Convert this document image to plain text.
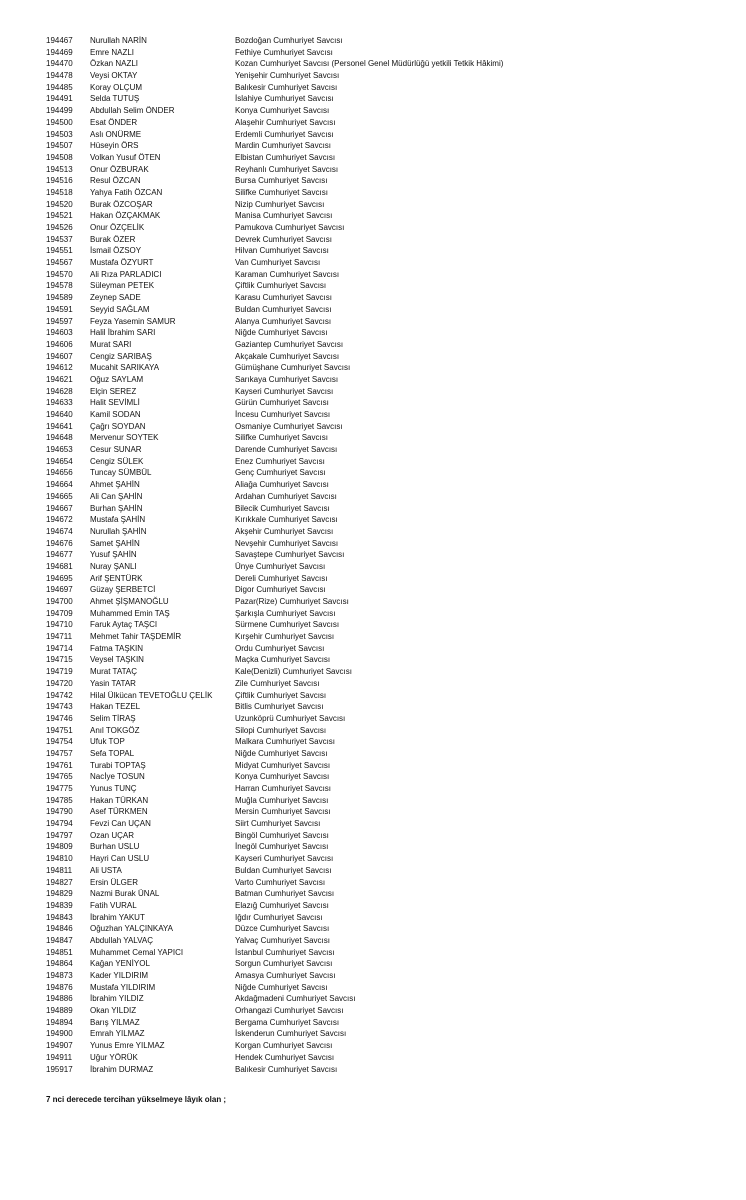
194467	Nurullah NARİN	Bozdoğan Cumhuriyet Savcısı
194469	Emre NAZLI	Fethiye Cumhuriyet Savcısı
194470	Özkan NAZLI	Kozan Cumhuriyet Savcısı (Personel Genel Müdürlüğü yetkili Tetkik Hâkimi)
194478	Veysi OKTAY	Yenişehir Cumhuriyet Savcısı
194485	Koray OLÇUM	Balıkesir Cumhuriyet Savcısı
194491	Selda TUTUŞ	İslahiye Cumhuriyet Savcısı
194499	Abdullah Selim ÖNDER	Konya Cumhuriyet Savcısı
194500	Esat ÖNDER	Alaşehir Cumhuriyet Savcısı
194503	Aslı ONÜRME	Erdemli Cumhuriyet Savcısı
194507	Hüseyin ÖRS	Mardin Cumhuriyet Savcısı
194508	Volkan Yusuf ÖTEN	Elbistan Cumhuriyet Savcısı
194513	Onur ÖZBURAK	Reyhanlı Cumhuriyet Savcısı
194516	Resul ÖZCAN	Bursa Cumhuriyet Savcısı
194518	Yahya Fatih ÖZCAN	Silifke Cumhuriyet Savcısı
194520	Burak ÖZCOŞAR	Nizip Cumhuriyet Savcısı
194521	Hakan ÖZÇAKMAK	Manisa Cumhuriyet Savcısı
194526	Onur ÖZÇELİK	Pamukova Cumhuriyet Savcısı
194537	Burak ÖZER	Devrek Cumhuriyet Savcısı
194551	İsmail ÖZSOY	Hilvan Cumhuriyet Savcısı
194567	Mustafa ÖZYURT	Van Cumhuriyet Savcısı
194570	Ali Rıza PARLADICI	Karaman Cumhuriyet Savcısı
194578	Süleyman PETEK	Çiftlik Cumhuriyet Savcısı
194589	Zeynep SADE	Karasu Cumhuriyet Savcısı
194591	Seyyid SAĞLAM	Buldan Cumhuriyet Savcısı
194597	Feyza Yasemin SAMUR	Alanya Cumhuriyet Savcısı
194603	Halil İbrahim SARI	Niğde Cumhuriyet Savcısı
194606	Murat SARI	Gaziantep Cumhuriyet Savcısı
194607	Cengiz SARIBAŞ	Akçakale Cumhuriyet Savcısı
194612	Mucahit SARIKAYA	Gümüşhane Cumhuriyet Savcısı
194621	Oğuz SAYLAM	Sarıkaya Cumhuriyet Savcısı
194628	Elçin SEREZ	Kayseri Cumhuriyet Savcısı
194633	Halit SEVİMLİ	Gürün Cumhuriyet Savcısı
194640	Kamil SODAN	İncesu Cumhuriyet Savcısı
194641	Çağrı SOYDAN	Osmaniye Cumhuriyet Savcısı
194648	Mervenur SOYTEK	Silifke Cumhuriyet Savcısı
194653	Cesur SUNAR	Darende Cumhuriyet Savcısı
194654	Cengiz SÜLEK	Enez Cumhuriyet Savcısı
194656	Tuncay SÜMBÜL	Genç Cumhuriyet Savcısı
194664	Ahmet ŞAHİN	Aliağa Cumhuriyet Savcısı
194665	Ali Can ŞAHİN	Ardahan Cumhuriyet Savcısı
194667	Burhan ŞAHİN	Bilecik Cumhuriyet Savcısı
194672	Mustafa ŞAHİN	Kırıkkale Cumhuriyet Savcısı
194674	Nurullah ŞAHİN	Akşehir Cumhuriyet Savcısı
194676	Samet ŞAHİN	Nevşehir Cumhuriyet Savcısı
194677	Yusuf ŞAHİN	Savaştepe Cumhuriyet Savcısı
194681	Nuray ŞANLI	Ünye Cumhuriyet Savcısı
194695	Arif ŞENTÜRK	Dereli Cumhuriyet Savcısı
194697	Güzay ŞERBETCİ	Digor Cumhuriyet Savcısı
194700	Ahmet ŞİŞMANOĞLU	Pazar(Rize) Cumhuriyet Savcısı
194709	Muhammed Emin TAŞ	Şarkışla Cumhuriyet Savcısı
194710	Faruk Aytaç TAŞCI	Sürmene Cumhuriyet Savcısı
194711	Mehmet Tahir TAŞDEMİR	Kırşehir Cumhuriyet Savcısı
194714	Fatma TAŞKIN	Ordu Cumhuriyet Savcısı
194715	Veysel TAŞKIN	Maçka Cumhuriyet Savcısı
194719	Murat TATAÇ	Kale(Denizli) Cumhuriyet Savcısı
194720	Yasin TATAR	Zile Cumhuriyet Savcısı
194742	Hilal Ülkücan TEVETOĞLU ÇELİK	Çiftlik Cumhuriyet Savcısı
194743	Hakan TEZEL	Bitlis Cumhuriyet Savcısı
194746	Selim TİRAŞ	Uzunköprü Cumhuriyet Savcısı
194751	Anıl TOKGÖZ	Silopi Cumhuriyet Savcısı
194754	Ufuk TOP	Malkara Cumhuriyet Savcısı
194757	Sefa TOPAL	Niğde Cumhuriyet Savcısı
194761	Turabi TOPTAŞ	Midyat Cumhuriyet Savcısı
194765	Nacİye TOSUN	Konya Cumhuriyet Savcısı
194775	Yunus TUNÇ	Harran Cumhuriyet Savcısı
194785	Hakan TÜRKAN	Muğla Cumhuriyet Savcısı
194790	Asef TÜRKMEN	Mersin Cumhuriyet Savcısı
194794	Fevzi Can UÇAN	Siirt Cumhuriyet Savcısı
194797	Ozan UÇAR	Bingöl Cumhuriyet Savcısı
194809	Burhan USLU	İnegöl Cumhuriyet Savcısı
194810	Hayri Can USLU	Kayseri Cumhuriyet Savcısı
194811	Ali USTA	Buldan Cumhuriyet Savcısı
194827	Ersin ÜLGER	Varto Cumhuriyet Savcısı
194829	Nazmi Burak ÜNAL	Batman Cumhuriyet Savcısı
194839	Fatih VURAL	Elazığ Cumhuriyet Savcısı
194843	İbrahim YAKUT	Iğdır Cumhuriyet Savcısı
194846	Oğuzhan YALÇINKAYA	Düzce Cumhuriyet Savcısı
194847	Abdullah YALVAÇ	Yalvaç Cumhuriyet Savcısı
194851	Muhammet Cemal YAPICI	İstanbul Cumhuriyet Savcısı
194864	Kağan YENİYOL	Sorgun Cumhuriyet Savcısı
194873	Kader YILDIRIM	Amasya Cumhuriyet Savcısı
194876	Mustafa YILDIRIM	Niğde Cumhuriyet Savcısı
194886	İbrahim YILDIZ	Akdağmadeni Cumhuriyet Savcısı
194889	Okan YILDIZ	Orhangazi Cumhuriyet Savcısı
194894	Barış YILMAZ	Bergama Cumhuriyet Savcısı
194900	Emrah YILMAZ	İskenderun Cumhuriyet Savcısı
194907	Yunus Emre YILMAZ	Korgan Cumhuriyet Savcısı
194911	Uğur YÖRÜK	Hendek Cumhuriyet Savcısı
195917	İbrahim DURMAZ	Balıkesir Cumhuriyet Savcısı
7 nci derecede tercihan yükselmeye lâyık olan ;
